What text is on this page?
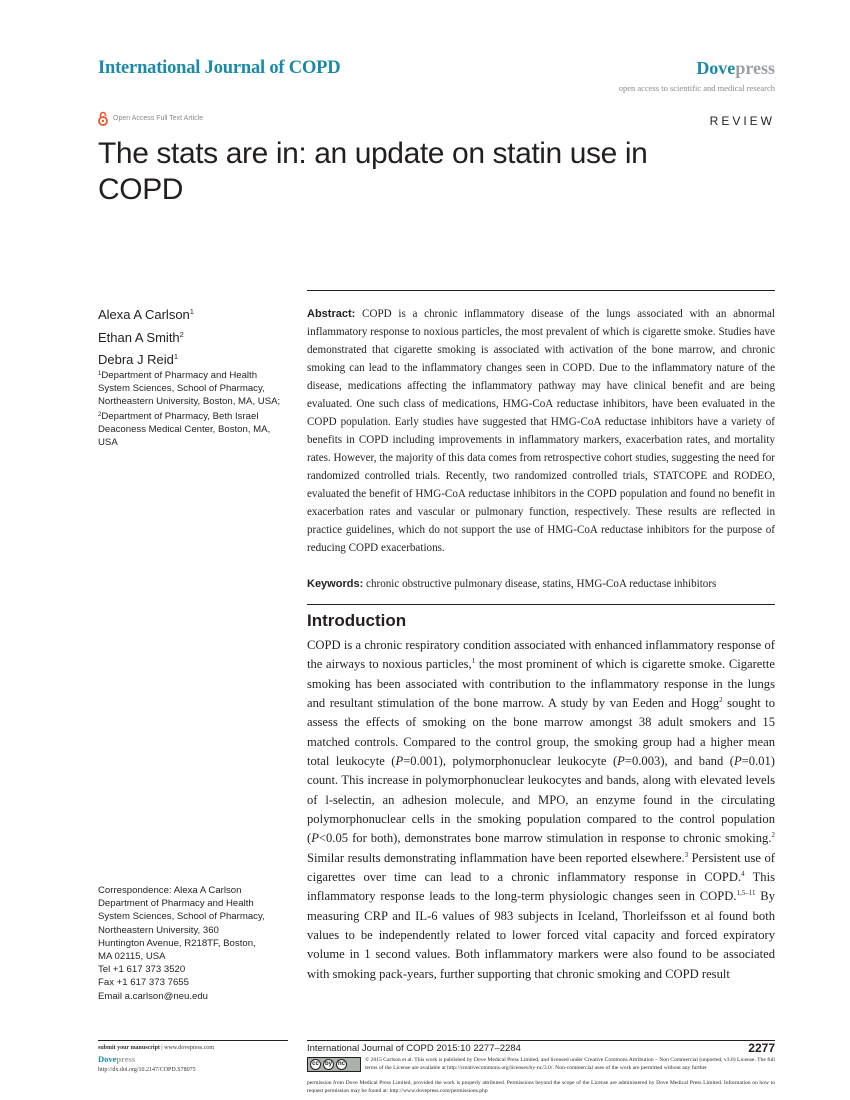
International Journal of COPD	Dovepress
open access to scientific and medical research
Open Access Full Text Article	REVIEW
The stats are in: an update on statin use in COPD
Alexa A Carlson$^1$
Ethan A Smith$^2$
Debra J Reid$^1$
$^1$Department of Pharmacy and Health System Sciences, School of Pharmacy, Northeastern University, Boston, MA, USA; $^2$Department of Pharmacy, Beth Israel Deaconess Medical Center, Boston, MA, USA
Abstract: COPD is a chronic inflammatory disease of the lungs associated with an abnormal inflammatory response to noxious particles, the most prevalent of which is cigarette smoke. Studies have demonstrated that cigarette smoking is associated with activation of the bone marrow, and chronic smoking can lead to the inflammatory changes seen in COPD. Due to the inflammatory nature of the disease, medications affecting the inflammatory pathway may have clinical benefit and are being evaluated. One such class of medications, HMG-CoA reductase inhibitors, have been evaluated in the COPD population. Early studies have suggested that HMG-CoA reductase inhibitors have a variety of benefits in COPD including improvements in inflammatory markers, exacerbation rates, and mortality rates. However, the majority of this data comes from retrospective cohort studies, suggesting the need for randomized controlled trials. Recently, two randomized controlled trials, STATCOPE and RODEO, evaluated the benefit of HMG-CoA reductase inhibitors in the COPD population and found no benefit in exacerbation rates and vascular or pulmonary function, respectively. These results are reflected in practice guidelines, which do not support the use of HMG-CoA reductase inhibitors for the purpose of reducing COPD exacerbations.
Keywords: chronic obstructive pulmonary disease, statins, HMG-CoA reductase inhibitors
Introduction
COPD is a chronic respiratory condition associated with enhanced inflammatory response of the airways to noxious particles,$^1$ the most prominent of which is cigarette smoke. Cigarette smoking has been associated with contribution to the inflammatory response in the lungs and resultant stimulation of the bone marrow. A study by van Eeden and Hogg$^2$ sought to assess the effects of smoking on the bone marrow amongst 38 adult smokers and 15 matched controls. Compared to the control group, the smoking group had a higher mean total leukocyte (P=0.001), polymorphonuclear leukocyte (P=0.003), and band (P=0.01) count. This increase in polymorphonuclear leukocytes and bands, along with elevated levels of l-selectin, an adhesion molecule, and MPO, an enzyme found in the circulating polymorphonuclear cells in the smoking population compared to the control population (P<0.05 for both), demonstrates bone marrow stimulation in response to chronic smoking.$^2$ Similar results demonstrating inflammation have been reported elsewhere.$^3$ Persistent use of cigarettes over time can lead to a chronic inflammatory response in COPD.$^4$ This inflammatory response leads to the long-term physiologic changes seen in COPD.$^{1,5-11}$ By measuring CRP and IL-6 values of 983 subjects in Iceland, Thorleifsson et al found both values to be independently related to lower forced vital capacity and forced expiratory volume in 1 second values. Both inflammatory markers were also found to be associated with smoking pack-years, further supporting that chronic smoking and COPD result
Correspondence: Alexa A Carlson
Department of Pharmacy and Health
System Sciences, School of Pharmacy,
Northeastern University, 360
Huntington Avenue, R218TF, Boston,
MA 02115, USA
Tel +1 617 373 3520
Fax +1 617 373 7655
Email a.carlson@neu.edu
submit your manuscript | www.dovepress.com
Dovepress
http://dx.doi.org/10.2147/COPD.S78075
International Journal of COPD 2015:10 2277–2284	2277
cc	by nc
© 2015 Carlson et al. This work is published by Dove Medical Press Limited, and licensed under Creative Commons Attribution – Non Commercial (unported, v3.0) License. The full terms of the License are available at http://creativecommons.org/licenses/by-nc/3.0/. Non-commercial uses of the work are permitted without any further
permission from Dove Medical Press Limited, provided the work is properly attributed. Permissions beyond the scope of the License are administered by Dove Medical Press Limited. Information on how to request permission may be found at: http://www.dovepress.com/permissions.php
